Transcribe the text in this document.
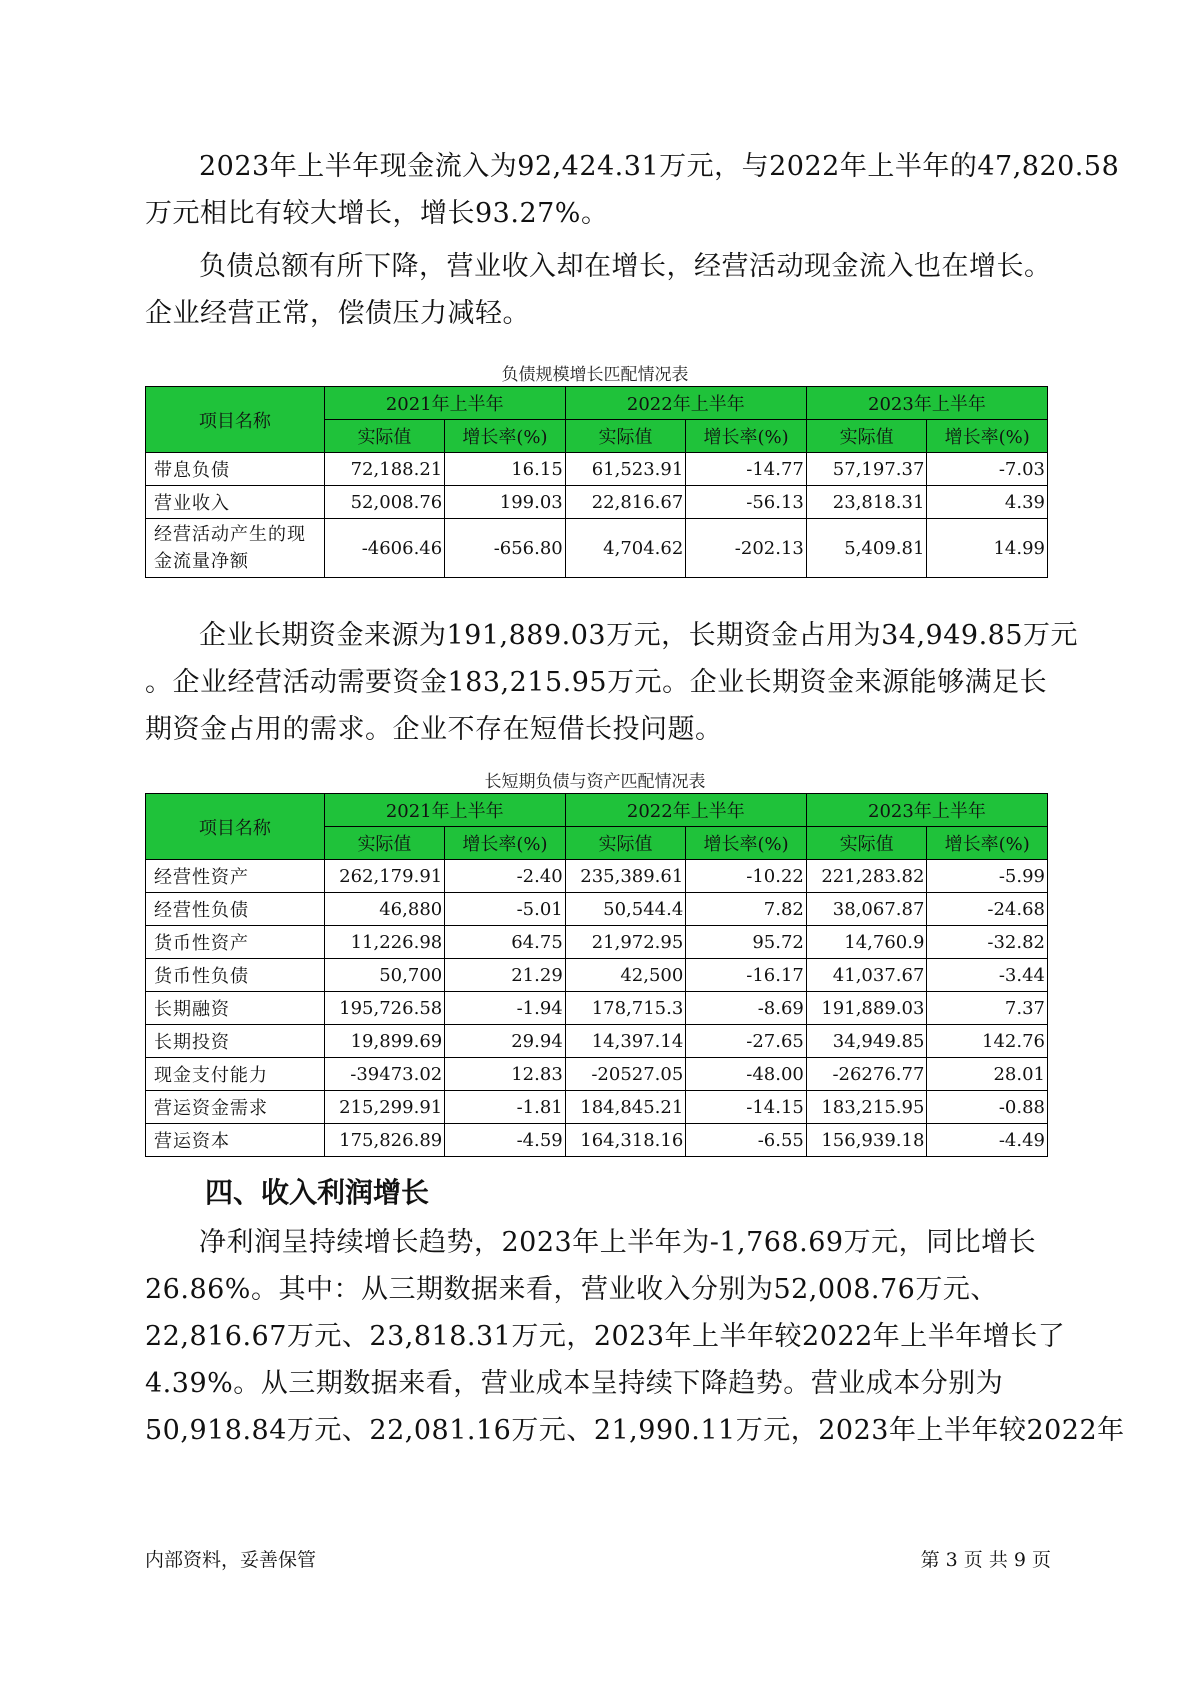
2023年上半年现金流入为92,424.31万元，与2022年上半年的47,820.58
万元相比有较大增长，增长93.27%。
负债总额有所下降，营业收入却在增长，经营活动现金流入也在增长。
企业经营正常，偿债压力减轻。

负债规模增长匹配情况表

项目名称	2021年上半年		2022年上半年		2023年上半年	
	实际值	增长率(%)	实际值	增长率(%)	实际值	增长率(%)
带息负债	72,188.21	16.15	61,523.91	-14.77	57,197.37	-7.03
营业收入	52,008.76	199.03	22,816.67	-56.13	23,818.31	4.39

经营活动产生的现
金流量净额	-4606.46	-656.80	4,704.62	-202.13	5,409.81	14.99
企业长期资金来源为191,889.03万元，长期资金占用为34,949.85万元
。企业经营活动需要资金183,215.95万元。企业长期资金来源能够满足长
期资金占用的需求。企业不存在短借长投问题。

长短期负债与资产匹配情况表

项目名称	2021年上半年		2022年上半年		2023年上半年	
	实际值	增长率(%)	实际值	增长率(%)	实际值	增长率(%)
经营性资产	262,179.91	-2.40	235,389.61	-10.22	221,283.82	-5.99
经营性负债	46,880	-5.01	50,544.4	7.82	38,067.87	-24.68
货币性资产	11,226.98	64.75	21,972.95	95.72	14,760.9	-32.82
货币性负债	50,700	21.29	42,500	-16.17	41,037.67	-3.44
长期融资	195,726.58	-1.94	178,715.3	-8.69	191,889.03	7.37
长期投资	19,899.69	29.94	14,397.14	-27.65	34,949.85	142.76
现金支付能力	-39473.02	12.83	-20527.05	-48.00	-26276.77	28.01
营运资金需求	215,299.91	-1.81	184,845.21	-14.15	183,215.95	-0.88
营运资本	175,826.89	-4.59	164,318.16	-6.55	156,939.18	-4.49
四、收入利润增长
净利润呈持续增长趋势，2023年上半年为-1,768.69万元，同比增长
26.86%。其中：从三期数据来看，营业收入分别为52,008.76万元、
22,816.67万元、23,818.31万元，2023年上半年较2022年上半年增长了
4.39%。从三期数据来看，营业成本呈持续下降趋势。营业成本分别为
50,918.84万元、22,081.16万元、21,990.11万元，2023年上半年较2022年
内部资料，妥善保管	第 3 页 共 9 页
